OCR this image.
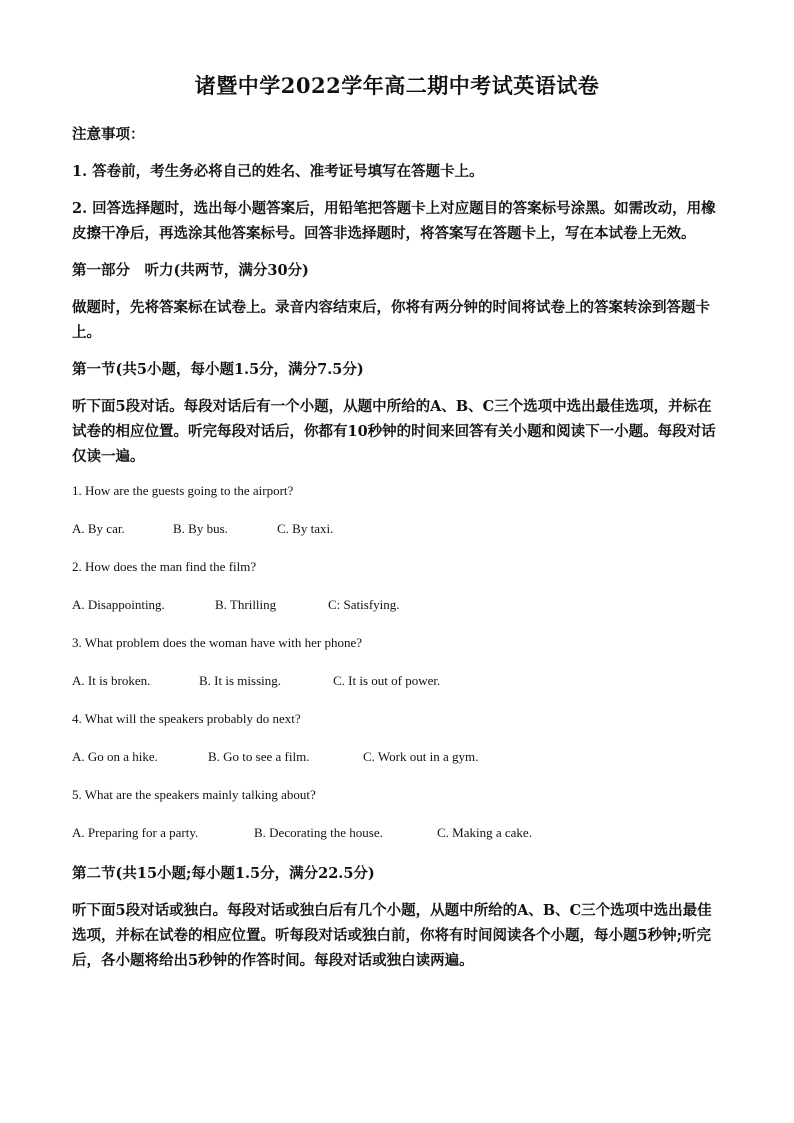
诸暨中学2022学年高二期中考试英语试卷
注意事项：
1. 答卷前，考生务必将自己的姓名、准考证号填写在答题卡上。
2. 回答选择题时，选出每小题答案后，用铅笔把答题卡上对应题目的答案标号涂黑。如需改动，用橡皮擦干净后，再选涂其他答案标号。回答非选择题时，将答案写在答题卡上，写在本试卷上无效。
第一部分　听力(共两节，满分30分)
做题时，先将答案标在试卷上。录音内容结束后，你将有两分钟的时间将试卷上的答案转涂到答题卡上。
第一节(共5小题，每小题1.5分，满分7.5分)
听下面5段对话。每段对话后有一个小题，从题中所给的A、B、C三个选项中选出最佳选项，并标在试卷的相应位置。听完每段对话后，你都有10秒钟的时间来回答有关小题和阅读下一小题。每段对话仅读一遍。
1. How are the guests going to the airport?
A. By car.	B. By bus.	C. By taxi.
2. How does the man find the film?
A. Disappointing.	B. Thrilling	C: Satisfying.
3. What problem does the woman have with her phone?
A. It is broken.	B. It is missing.	C. It is out of power.
4. What will the speakers probably do next?
A. Go on a hike.	B. Go to see a film.	C. Work out in a gym.
5. What are the speakers mainly talking about?
A. Preparing for a party.	B. Decorating the house.	C. Making a cake.
第二节(共15小题;每小题1.5分，满分22.5分)
听下面5段对话或独白。每段对话或独白后有几个小题，从题中所给的A、B、C三个选项中选出最佳选项，并标在试卷的相应位置。听每段对话或独白前，你将有时间阅读各个小题，每小题5秒钟;听完后，各小题将给出5秒钟的作答时间。每段对话或独白读两遍。
